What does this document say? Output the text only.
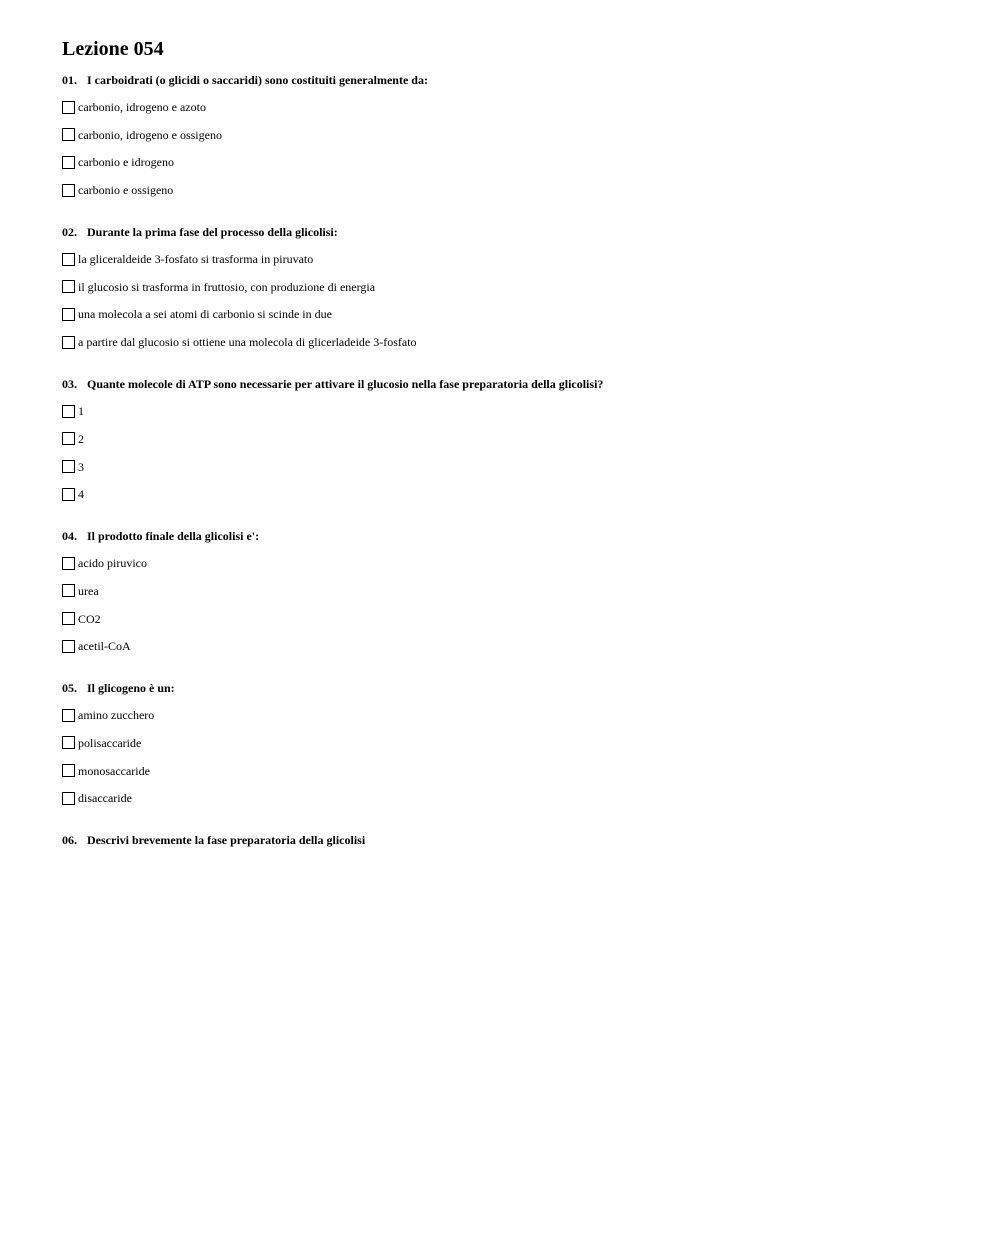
Lezione 054
01. I carboidrati (o glicidi o saccaridi) sono costituiti generalmente da:
carbonio, idrogeno e azoto
carbonio, idrogeno e ossigeno
carbonio e idrogeno
carbonio e ossigeno
02. Durante la prima fase del processo della glicolisi:
la gliceraldeide 3-fosfato si trasforma in piruvato
il glucosio si trasforma in fruttosio, con produzione di energia
una molecola a sei atomi di carbonio si scinde in due
a partire dal glucosio si ottiene una molecola di glicerladeide 3-fosfato
03. Quante molecole di ATP sono necessarie per attivare il glucosio nella fase preparatoria della glicolisi?
1
2
3
4
04. Il prodotto finale della glicolisi e':
acido piruvico
urea
CO2
acetil-CoA
05. Il glicogeno è un:
amino zucchero
polisaccaride
monosaccaride
disaccaride
06. Descrivi brevemente la fase preparatoria della glicolisi
